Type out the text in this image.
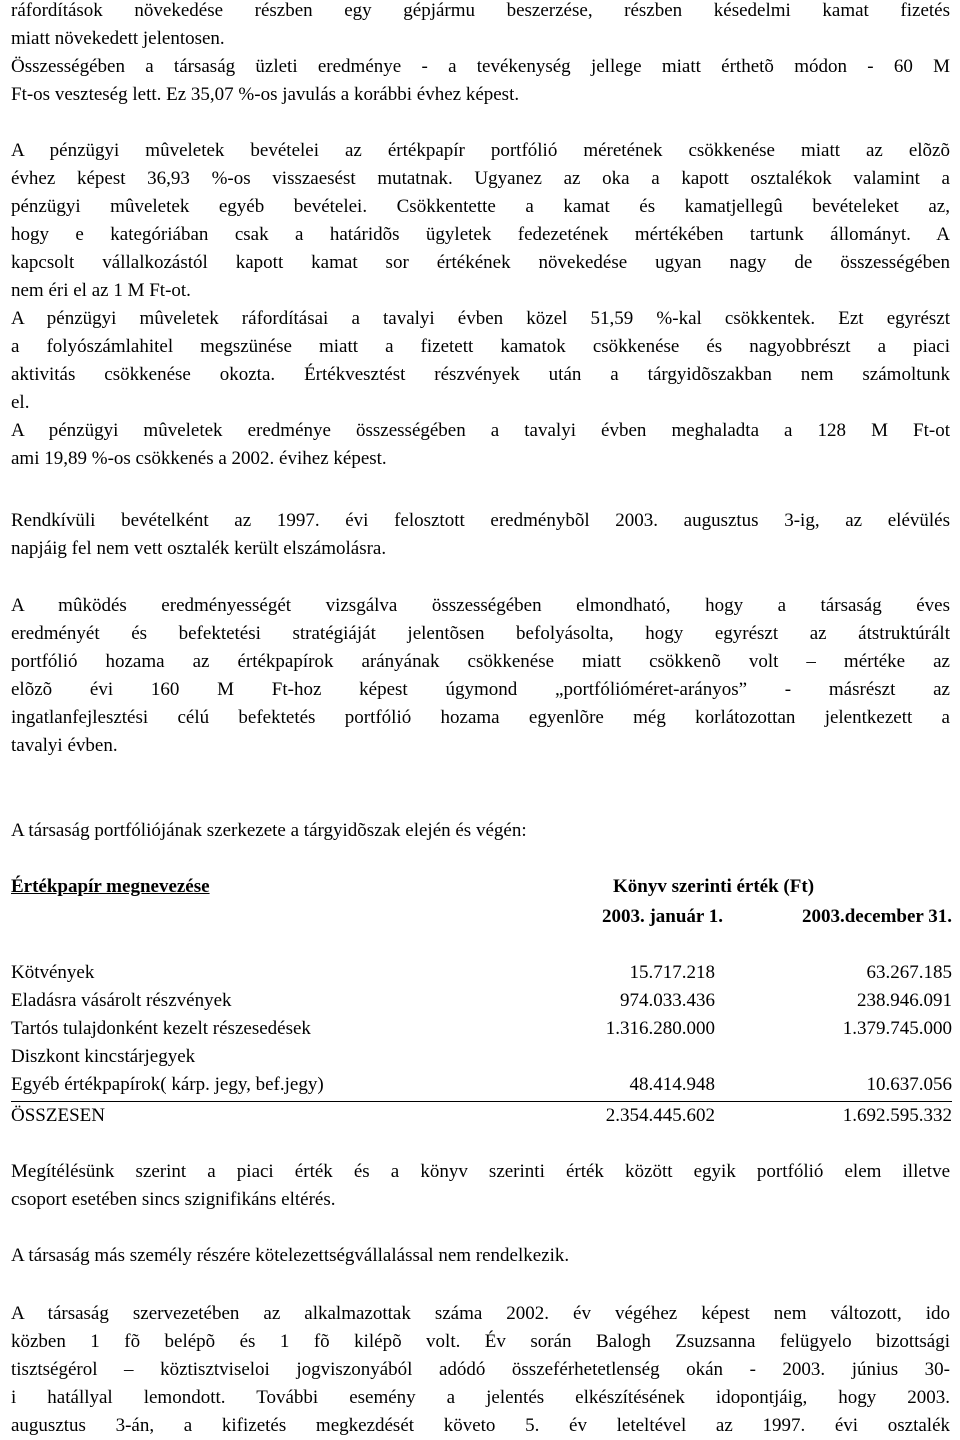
ráfordítások növekedése részben egy gépjármu beszerzése, részben késedelmi kamat fizetés
miatt növekedett jelentosen.
Összességében a társaság üzleti eredménye - a tevékenység jellege miatt érthetõ módon - 60 M
Ft-os veszteség lett. Ez 35,07 %-os javulás a korábbi évhez képest.
A pénzügyi mûveletek bevételei az értékpapír portfólió méretének csökkenése miatt az elõzõ
évhez képest 36,93 %-os visszaesést mutatnak. Ugyanez az oka a kapott osztalékok valamint a
pénzügyi mûveletek egyéb bevételei. Csökkentette a kamat és kamatjellegû bevételeket az,
hogy e kategóriában csak a határidõs ügyletek fedezetének mértékében tartunk állományt. A
kapcsolt vállalkozástól kapott kamat sor értékének növekedése ugyan nagy de összességében
nem éri el az 1 M Ft-ot.
A pénzügyi mûveletek ráfordításai a tavalyi évben közel 51,59 %-kal csökkentek. Ezt egyrészt
a folyószámlahitel megszünése miatt a fizetett kamatok csökkenése és nagyobbrészt a piaci
aktivitás csökkenése okozta. Értékvesztést részvények után a tárgyidõszakban nem számoltunk
el.
A pénzügyi mûveletek eredménye összességében a tavalyi évben meghaladta a 128 M Ft-ot
ami 19,89 %-os csökkenés a 2002. évihez képest.
Rendkívüli bevételként az 1997. évi felosztott eredménybõl 2003. augusztus 3-ig, az elévülés
napjáig fel nem vett osztalék került elszámolásra.
A mûködés eredményességét vizsgálva összességében elmondható, hogy a társaság éves
eredményét és befektetési stratégiáját jelentõsen befolyásolta, hogy egyrészt az átstruktúrált
portfólió hozama az értékpapírok arányának csökkenése miatt csökkenõ volt – mértéke az
elõzõ évi 160 M Ft-hoz képest úgymond „portfólióméret-arányos” - másrészt az
ingatlanfejlesztési célú befektetés portfólió hozama egyenlõre még korlátozottan jelentkezett a
tavalyi évben.
A társaság portfóliójának szerkezete a tárgyidõszak elején és végén:
Értékpapír megnevezése	Könyv szerinti érték (Ft)
2003. január 1.	2003.december 31.
Kötvények	15.717.218	63.267.185
Eladásra vásárolt részvények	974.033.436	238.946.091
Tartós tulajdonként kezelt részesedések	1.316.280.000	1.379.745.000
Diszkont kincstárjegyek
Egyéb értékpapírok( kárp. jegy, bef.jegy)	48.414.948	10.637.056
ÖSSZESEN	2.354.445.602	1.692.595.332
Megítélésünk szerint a piaci érték és a könyv szerinti érték között egyik portfólió elem illetve
csoport esetében sincs szignifikáns eltérés.
A társaság más személy részére kötelezettségvállalással nem rendelkezik.
A társaság szervezetében az alkalmazottak száma 2002. év végéhez képest nem változott, ido
közben 1 fõ belépõ és 1 fõ kilépõ volt. Év során Balogh Zsuzsanna felügyelo bizottsági
tisztségérol – köztisztviseloi jogviszonyából adódó összeférhetetlenség okán - 2003. június 30-
i hatállyal lemondott. További esemény a jelentés elkészítésének idopontjáig, hogy 2003.
augusztus 3-án, a kifizetés megkezdését követo 5. év leteltével az 1997. évi osztalék
